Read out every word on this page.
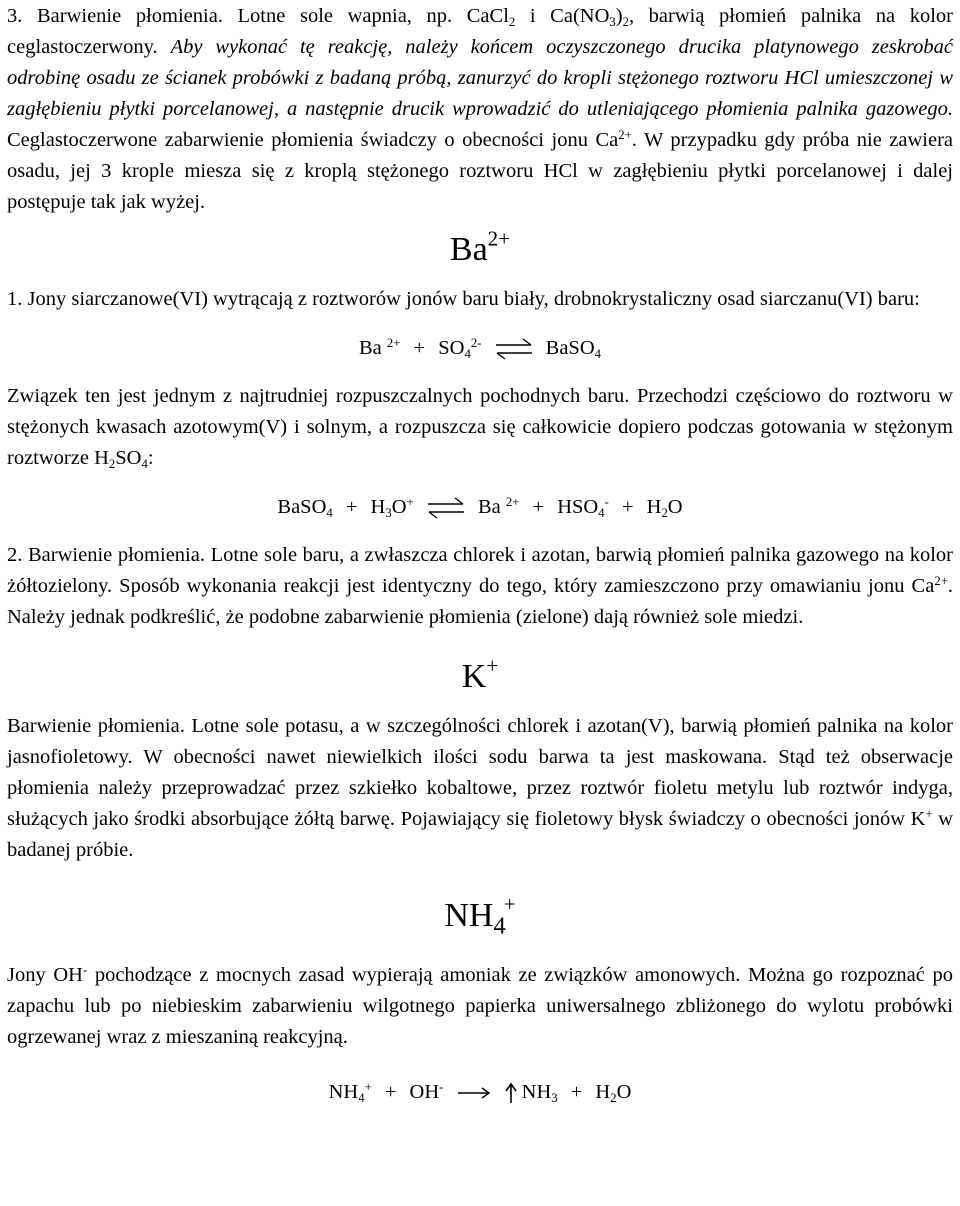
3. Barwienie płomienia. Lotne sole wapnia, np. CaCl$_2$ i $Ca(NO_3)_2$, barwią płomień palnika na kolor ceglastoczerwony. Aby wykonać tę reakcję, należy końcem oczyszczonego drucika platynowego zeskrobać odrobinę osadu ze ścianek probówki z badaną próbą, zanurzyć do kropli stężonego roztworu HCl umieszczonej w zagłębieniu płytki porcelanowej, a następnie drucik wprowadzić do utleniającego płomienia palnika gazowego. Ceglastoczerwone zabarwienie płomienia świadczy o obecności jonu $Ca^{2+}$. W przypadku gdy próba nie zawiera osadu, jej 3 krople miesza się z kroplą stężonego roztworu HCl w zagłębieniu płytki porcelanowej i dalej postępuje tak jak wyżej.

$Ba^{2+}$

1. Jony siarczanowe(VI) wytrącają z roztworów jonów baru biały, drobnokrystaliczny osad siarczanu(VI) baru:

Ba $^{2+} + SO_4^{2-}$ ⇌ BaSO$_4$

Związek ten jest jednym z najtrudniej rozpuszczalnych pochodnych baru. Przechodzi częściowo do roztworu w stężonych kwasach azotowym(V) i solnym, a rozpuszcza się całkowicie dopiero podczas gotowania w stężonym roztworze $H_2SO_4$:

BaSO$_4$ + $H_3O^+$ ⇌ Ba $^{2+} + HSO_4^- + H_2O$

2. Barwienie płomienia. Lotne sole baru, a zwłaszcza chlorek i azotan, barwią płomień palnika gazowego na kolor żółtozielony. Sposób wykonania reakcji jest identyczny do tego, który zamieszczono przy omawianiu jonu $Ca^{2+}$. Należy jednak podkreślić, że podobne zabarwienie płomienia (zielone) dają również sole miedzi.

K+

Barwienie płomienia. Lotne sole potasu, a w szczególności chlorek i azotan(V), barwią płomień palnika na kolor jasnofioletowy. W obecności nawet niewielkich ilości sodu barwa ta jest maskowana. Stąd też obserwacje płomienia należy przeprowadzać przez szkiełko kobaltowe, przez roztwór fioletu metylu lub roztwór indyga, służących jako środki absorbujące żółtą barwę. Pojawiający się fioletowy błysk świadczy o obecności jonów K+ w badanej próbie.

$NH_4^+$

Jony OH- pochodzące z mocnych zasad wypierają amoniak ze związków amonowych. Można go rozpoznać po zapachu lub po niebieskim zabarwieniu wilgotnego papierka uniwersalnego zbliżonego do wylotu probówki ogrzewanej wraz z mieszaniną reakcyjną.

$NH_4^+ + OH^- \to NH_3 + H_2O$
